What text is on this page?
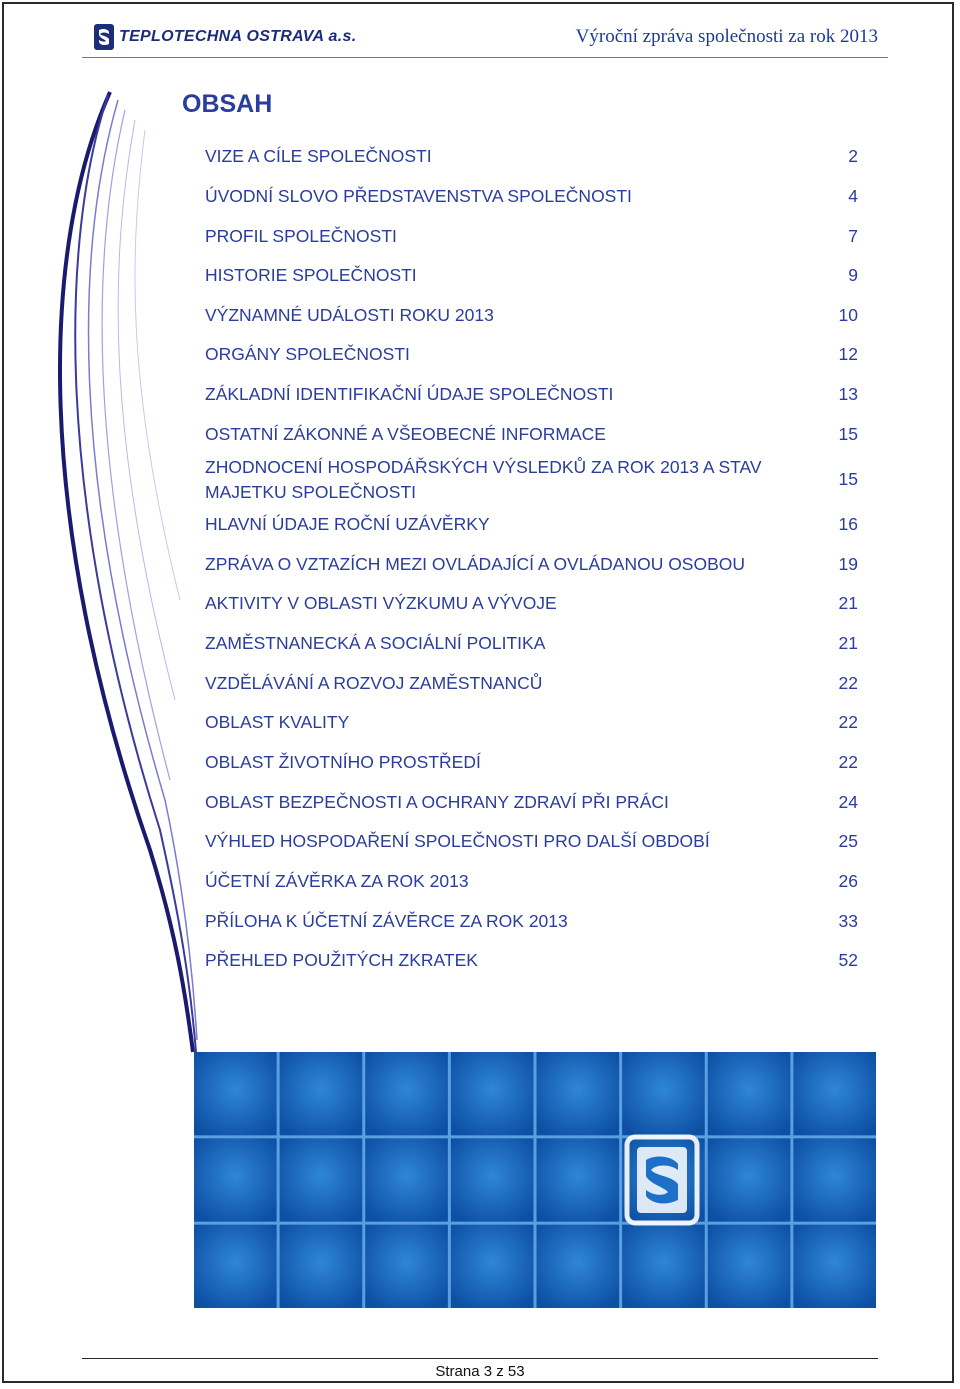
TEPLOTECHNA OSTRAVA a.s.	Výroční zpráva společnosti za rok 2013
OBSAH
VIZE A CÍLE SPOLEČNOSTI	2
ÚVODNÍ SLOVO PŘEDSTAVENSTVA SPOLEČNOSTI	4
PROFIL SPOLEČNOSTI	7
HISTORIE SPOLEČNOSTI	9
VÝZNAMNÉ UDÁLOSTI ROKU 2013	10
ORGÁNY SPOLEČNOSTI	12
ZÁKLADNÍ IDENTIFIKAČNÍ ÚDAJE SPOLEČNOSTI	13
OSTATNÍ ZÁKONNÉ A VŠEOBECNÉ INFORMACE	15
ZHODNOCENÍ HOSPODÁŘSKÝCH VÝSLEDKŮ ZA ROK 2013 A STAV MAJETKU SPOLEČNOSTI
15
HLAVNÍ ÚDAJE ROČNÍ UZÁVĚRKY	16
ZPRÁVA O VZTAZÍCH MEZI OVLÁDAJÍCÍ A OVLÁDANOU OSOBOU	19
AKTIVITY V OBLASTI VÝZKUMU A VÝVOJE	21
ZAMĚSTNANECKÁ A SOCIÁLNÍ POLITIKA	21
VZDĚLÁVÁNÍ A ROZVOJ ZAMĚSTNANCŮ	22
OBLAST KVALITY	22
OBLAST ŽIVOTNÍHO PROSTŘEDÍ	22
OBLAST BEZPEČNOSTI A OCHRANY ZDRAVÍ PŘI PRÁCI	24
VÝHLED HOSPODAŘENÍ SPOLEČNOSTI PRO DALŠÍ OBDOBÍ	25
ÚČETNÍ ZÁVĚRKA ZA ROK 2013	26
PŘÍLOHA K ÚČETNÍ ZÁVĚRCE ZA ROK 2013	33
PŘEHLED POUŽITÝCH ZKRATEK	52
Strana 3 z 53
